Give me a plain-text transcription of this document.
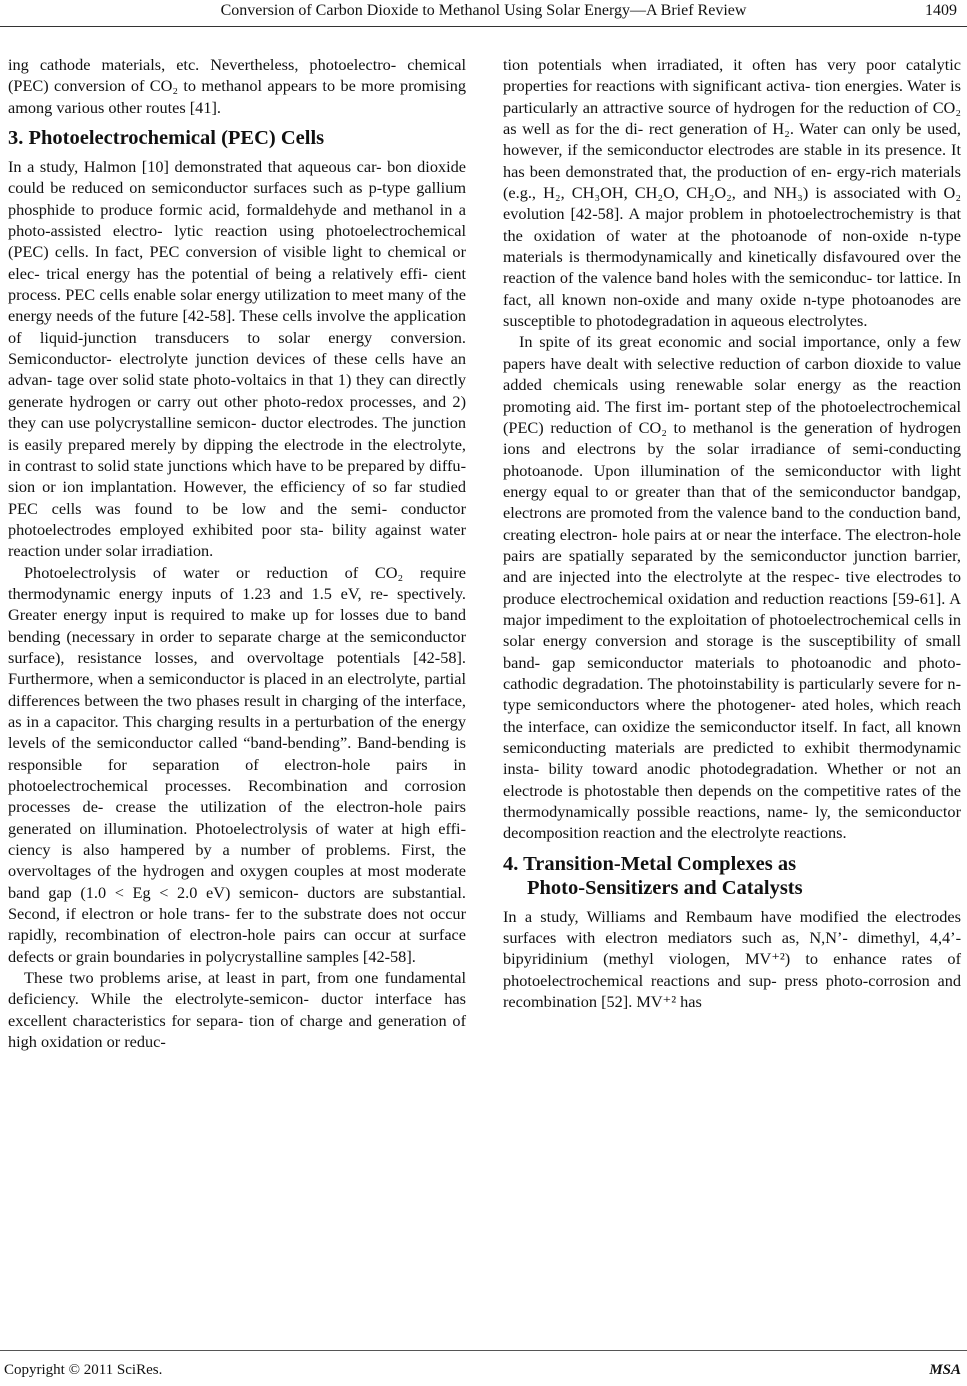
Conversion of Carbon Dioxide to Methanol Using Solar Energy—A Brief Review	1409

ing cathode materials, etc. Nevertheless, photoelectro- chemical (PEC) conversion of CO₂ to methanol appears to be more promising among various other routes [41].

3. Photoelectrochemical (PEC) Cells

In a study, Halmon [10] demonstrated that aqueous car- bon dioxide could be reduced on semiconductor surfaces such as p-type gallium phosphide to produce formic acid, formaldehyde and methanol in a photo-assisted electro- lytic reaction using photoelectrochemical (PEC) cells. In fact, PEC conversion of visible light to chemical or elec- trical energy has the potential of being a relatively effi- cient process. PEC cells enable solar energy utilization to meet many of the energy needs of the future [42-58]. These cells involve the application of liquid-junction transducers to solar energy conversion. Semiconductor- electrolyte junction devices of these cells have an advan- tage over solid state photo-voltaics in that 1) they can directly generate hydrogen or carry out other photo-redox processes, and 2) they can use polycrystalline semicon- ductor electrodes. The junction is easily prepared merely by dipping the electrode in the electrolyte, in contrast to solid state junctions which have to be prepared by diffu- sion or ion implantation. However, the efficiency of so far studied PEC cells was found to be low and the semi- conductor photoelectrodes employed exhibited poor sta- bility against water reaction under solar irradiation.

Photoelectrolysis of water or reduction of CO₂ require thermodynamic energy inputs of 1.23 and 1.5 eV, re- spectively. Greater energy input is required to make up for losses due to band bending (necessary in order to separate charge at the semiconductor surface), resistance losses, and overvoltage potentials [42-58]. Furthermore, when a semiconductor is placed in an electrolyte, partial differences between the two phases result in charging of the interface, as in a capacitor. This charging results in a perturbation of the energy levels of the semiconductor called “band-bending”. Band-bending is responsible for separation of electron-hole pairs in photoelectrochemical processes. Recombination and corrosion processes de- crease the utilization of the electron-hole pairs generated on illumination. Photoelectrolysis of water at high effi- ciency is also hampered by a number of problems. First, the overvoltages of the hydrogen and oxygen couples at most moderate band gap (1.0 < Eg < 2.0 eV) semicon- ductors are substantial. Second, if electron or hole trans- fer to the substrate does not occur rapidly, recombination of electron-hole pairs can occur at surface defects or grain boundaries in polycrystalline samples [42-58].

These two problems arise, at least in part, from one fundamental deficiency. While the electrolyte-semicon- ductor interface has excellent characteristics for separa- tion of charge and generation of high oxidation or reduc-

tion potentials when irradiated, it often has very poor catalytic properties for reactions with significant activa- tion energies. Water is particularly an attractive source of hydrogen for the reduction of CO₂ as well as for the di- rect generation of H₂. Water can only be used, however, if the semiconductor electrodes are stable in its presence. It has been demonstrated that, the production of en- ergy-rich materials (e.g., H₂, CH₃OH, CH₂O, CH₂O₂, and NH₃) is associated with O₂ evolution [42-58]. A major problem in photoelectrochemistry is that the oxidation of water at the photoanode of non-oxide n-type materials is thermodynamically and kinetically disfavoured over the reaction of the valence band holes with the semiconduc- tor lattice. In fact, all known non-oxide and many oxide n-type photoanodes are susceptible to photodegradation in aqueous electrolytes.

In spite of its great economic and social importance, only a few papers have dealt with selective reduction of carbon dioxide to value added chemicals using renewable solar energy as the reaction promoting aid. The first im- portant step of the photoelectrochemical (PEC) reduction of CO₂ to methanol is the generation of hydrogen ions and electrons by the solar irradiance of semi-conducting photoanode. Upon illumination of the semiconductor with light energy equal to or greater than that of the semiconductor bandgap, electrons are promoted from the valence band to the conduction band, creating electron- hole pairs at or near the interface. The electron-hole pairs are spatially separated by the semiconductor junction barrier, and are injected into the electrolyte at the respec- tive electrodes to produce electrochemical oxidation and reduction reactions [59-61]. A major impediment to the exploitation of photoelectrochemical cells in solar energy conversion and storage is the susceptibility of small band- gap semiconductor materials to photoanodic and photo- cathodic degradation. The photoinstability is particularly severe for n-type semiconductors where the photogener- ated holes, which reach the interface, can oxidize the semiconductor itself. In fact, all known semiconducting materials are predicted to exhibit thermodynamic insta- bility toward anodic photodegradation. Whether or not an electrode is photostable then depends on the competitive rates of the thermodynamically possible reactions, name- ly, the semiconductor decomposition reaction and the electrolyte reactions.

4. Transition-Metal Complexes as
Photo-Sensitizers and Catalysts

In a study, Williams and Rembaum have modified the electrodes surfaces with electron mediators such as, N,N’- dimethyl, 4,4’-bipyridinium (methyl viologen, MV⁺²) to enhance rates of photoelectrochemical reactions and sup- press photo-corrosion and recombination [52]. MV⁺² has

Copyright © 2011 SciRes.	MSA
